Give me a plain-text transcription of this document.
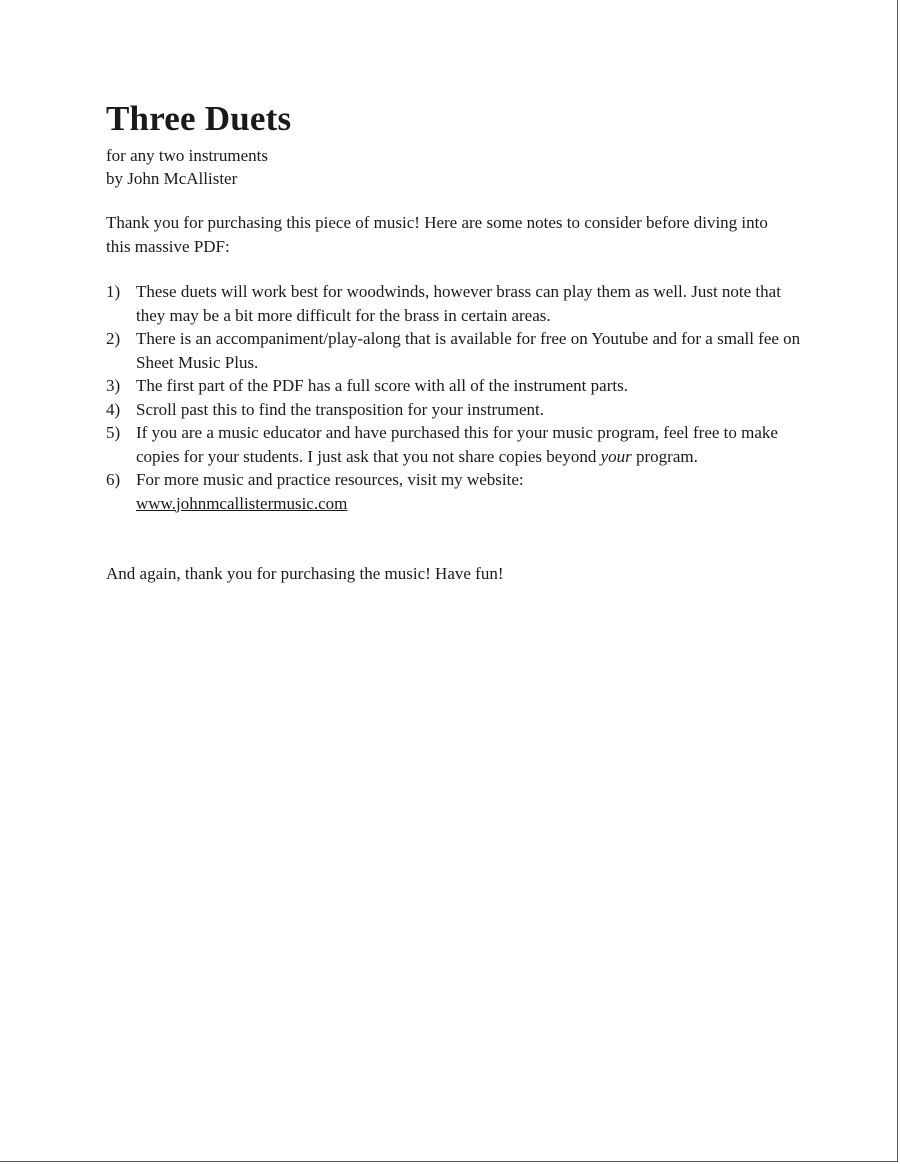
Three Duets

for any two instruments

by John McAllister

Thank you for purchasing this piece of music! Here are some notes to consider before diving into this massive PDF:

1) These duets will work best for woodwinds, however brass can play them as well. Just note that they may be a bit more difficult for the brass in certain areas.
2) There is an accompaniment/play-along that is available for free on Youtube and for a small fee on Sheet Music Plus.
3) The first part of the PDF has a full score with all of the instrument parts.
4) Scroll past this to find the transposition for your instrument.
5) If you are a music educator and have purchased this for your music program, feel free to make copies for your students. I just ask that you not share copies beyond your program.
6) For more music and practice resources, visit my website:
www.johnmcallistermusic.com

And again, thank you for purchasing the music! Have fun!
